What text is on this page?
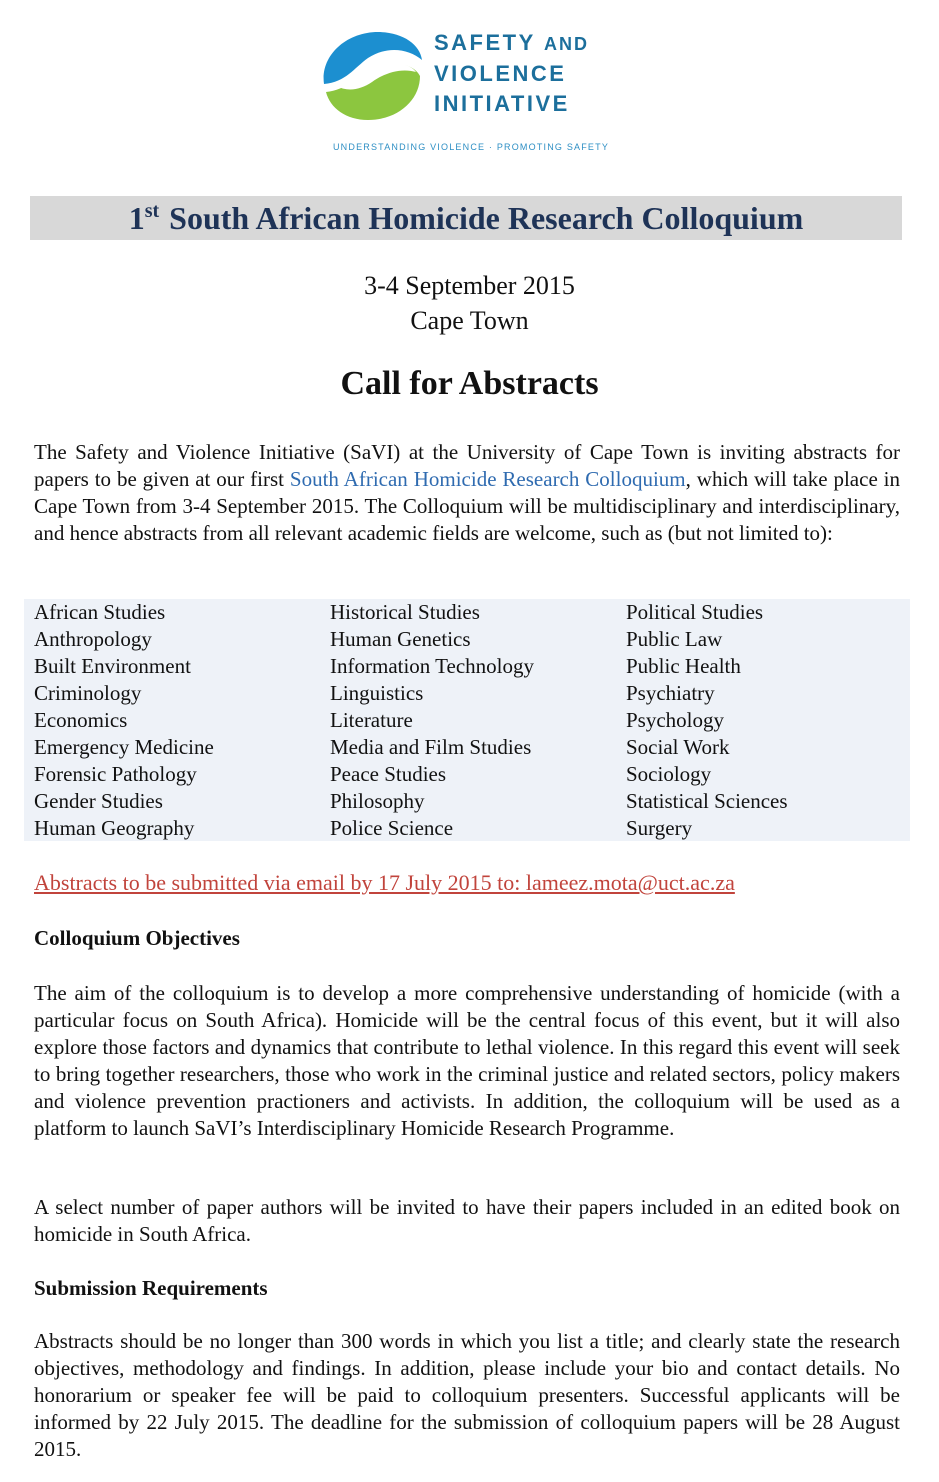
SAFETY AND
VIOLENCE
INITIATIVE
UNDERSTANDING VIOLENCE · PROMOTING SAFETY
1st South African Homicide Research Colloquium
3-4 September 2015
Cape Town
Call for Abstracts

The Safety and Violence Initiative (SaVI) at the University of Cape Town is inviting abstracts for papers to be given at our first South African Homicide Research Colloquium, which will take place in Cape Town from 3-4 September 2015. The Colloquium will be multidisciplinary and interdisciplinary, and hence abstracts from all relevant academic fields are welcome, such as (but not limited to):

African Studies
Anthropology
Built Environment
Criminology
Economics
Emergency Medicine
Forensic Pathology
Gender Studies
Human Geography
Historical Studies
Human Genetics
Information Technology
Linguistics
Literature
Media and Film Studies
Peace Studies
Philosophy
Police Science
Political Studies
Public Law
Public Health
Psychiatry
Psychology
Social Work
Sociology
Statistical Sciences
Surgery

Abstracts to be submitted via email by 17 July 2015 to: lameez.mota@uct.ac.za

Colloquium Objectives

The aim of the colloquium is to develop a more comprehensive understanding of homicide (with a particular focus on South Africa). Homicide will be the central focus of this event, but it will also explore those factors and dynamics that contribute to lethal violence. In this regard this event will seek to bring together researchers, those who work in the criminal justice and related sectors, policy makers and violence prevention practioners and activists. In addition, the colloquium will be used as a platform to launch SaVI’s Interdisciplinary Homicide Research Programme.

A select number of paper authors will be invited to have their papers included in an edited book on homicide in South Africa.

Submission Requirements

Abstracts should be no longer than 300 words in which you list a title; and clearly state the research objectives, methodology and findings. In addition, please include your bio and contact details. No honorarium or speaker fee will be paid to colloquium presenters. Successful applicants will be informed by 22 July 2015. The deadline for the submission of colloquium papers will be 28 August 2015.
